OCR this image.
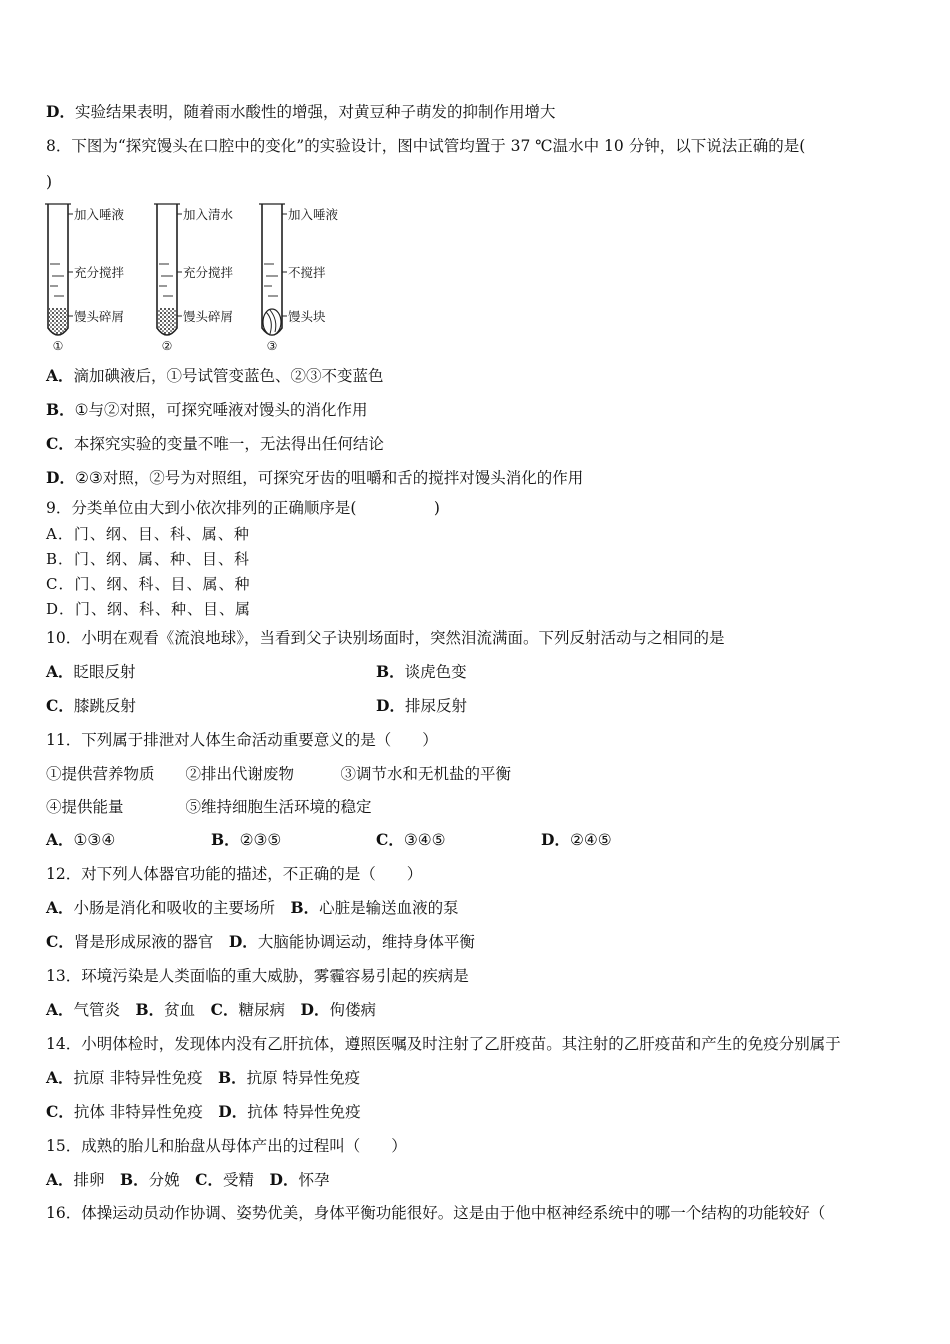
D．实验结果表明，随着雨水酸性的增强，对黄豆种子萌发的抑制作用增大
8．下图为“探究馒头在口腔中的变化”的实验设计，图中试管均置于 37 ℃温水中 10 分钟，以下说法正确的是(
)
加入唾液
充分搅拌
馒头碎屑
①
加入清水
充分搅拌
馒头碎屑
②
加入唾液
不搅拌
馒头块
③
A．滴加碘液后，①号试管变蓝色、②③不变蓝色
B．①与②对照，可探究唾液对馒头的消化作用
C．本探究实验的变量不唯一，无法得出任何结论
D．②③对照，②号为对照组，可探究牙齿的咀嚼和舌的搅拌对馒头消化的作用
9．分类单位由大到小依次排列的正确顺序是(　　　　　)
A．门、纲、目、科、属、种
B．门、纲、属、种、目、科
C．门、纲、科、目、属、种
D．门、纲、科、种、目、属
10．小明在观看《流浪地球》，当看到父子诀别场面时，突然泪流满面。下列反射活动与之相同的是
A．眨眼反射	B．谈虎色变
C．膝跳反射	D．排尿反射
11．下列属于排泄对人体生命活动重要意义的是（　　）
①提供营养物质　　②排出代谢废物　　　③调节水和无机盐的平衡
④提供能量　　　　⑤维持细胞生活环境的稳定
A．①③④	B．②③⑤	C．③④⑤	D．②④⑤
12．对下列人体器官功能的描述，不正确的是（　　）
A．小肠是消化和吸收的主要场所　B．心脏是输送血液的泵
C．肾是形成尿液的器官　D．大脑能协调运动，维持身体平衡
13．环境污染是人类面临的重大威胁，雾霾容易引起的疾病是
A．气管炎　B．贫血　C．糖尿病　D．佝偻病
14．小明体检时，发现体内没有乙肝抗体，遵照医嘱及时注射了乙肝疫苗。其注射的乙肝疫苗和产生的免疫分别属于
A．抗原 非特异性免疫　B．抗原 特异性免疫
C．抗体 非特异性免疫　D．抗体 特异性免疫
15．成熟的胎儿和胎盘从母体产出的过程叫（　　）
A．排卵　B．分娩　C．受精　D．怀孕
16．体操运动员动作协调、姿势优美，身体平衡功能很好。这是由于他中枢神经系统中的哪一个结构的功能较好（
